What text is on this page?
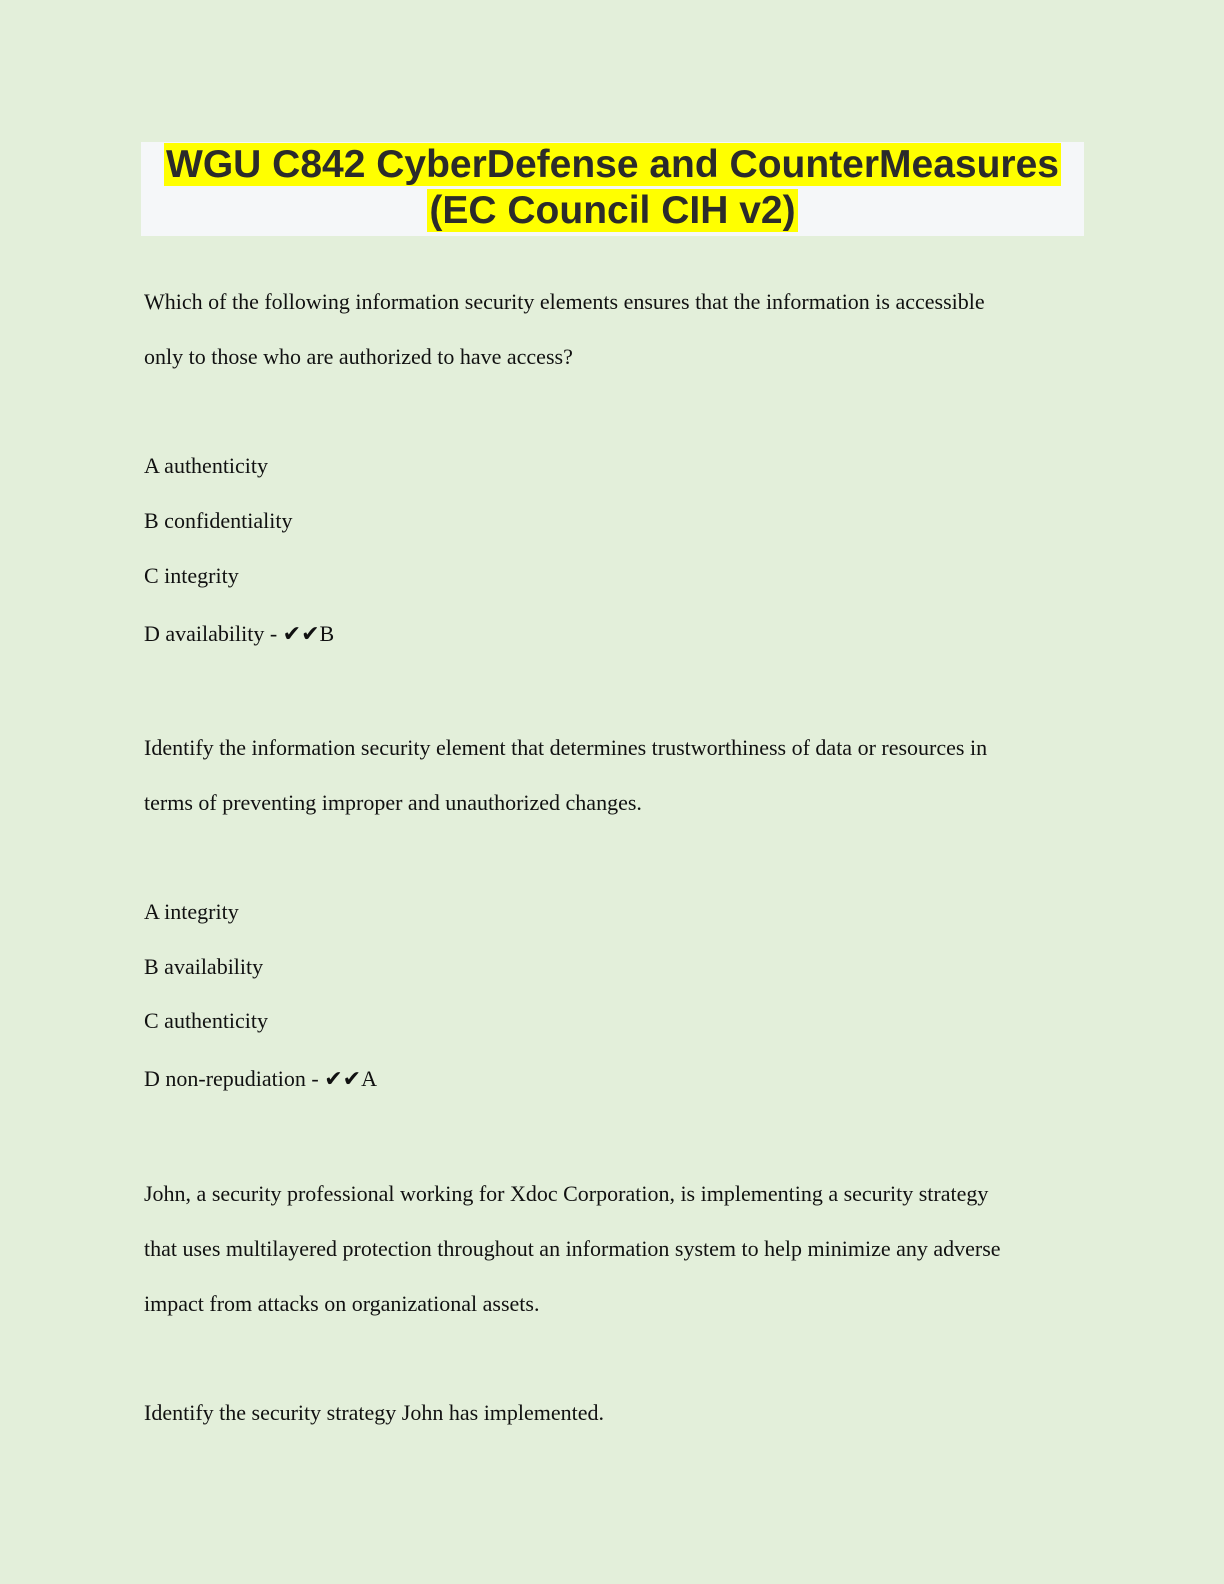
WGU C842 CyberDefense and CounterMeasures
(EC Council CIH v2)

Which of the following information security elements ensures that the information is accessible

only to those who are authorized to have access?

A authenticity

B confidentiality

C integrity

D availability - ✔✔B

Identify the information security element that determines trustworthiness of data or resources in

terms of preventing improper and unauthorized changes.

A integrity

B availability

C authenticity

D non-repudiation - ✔✔A

John, a security professional working for Xdoc Corporation, is implementing a security strategy

that uses multilayered protection throughout an information system to help minimize any adverse

impact from attacks on organizational assets.

Identify the security strategy John has implemented.
